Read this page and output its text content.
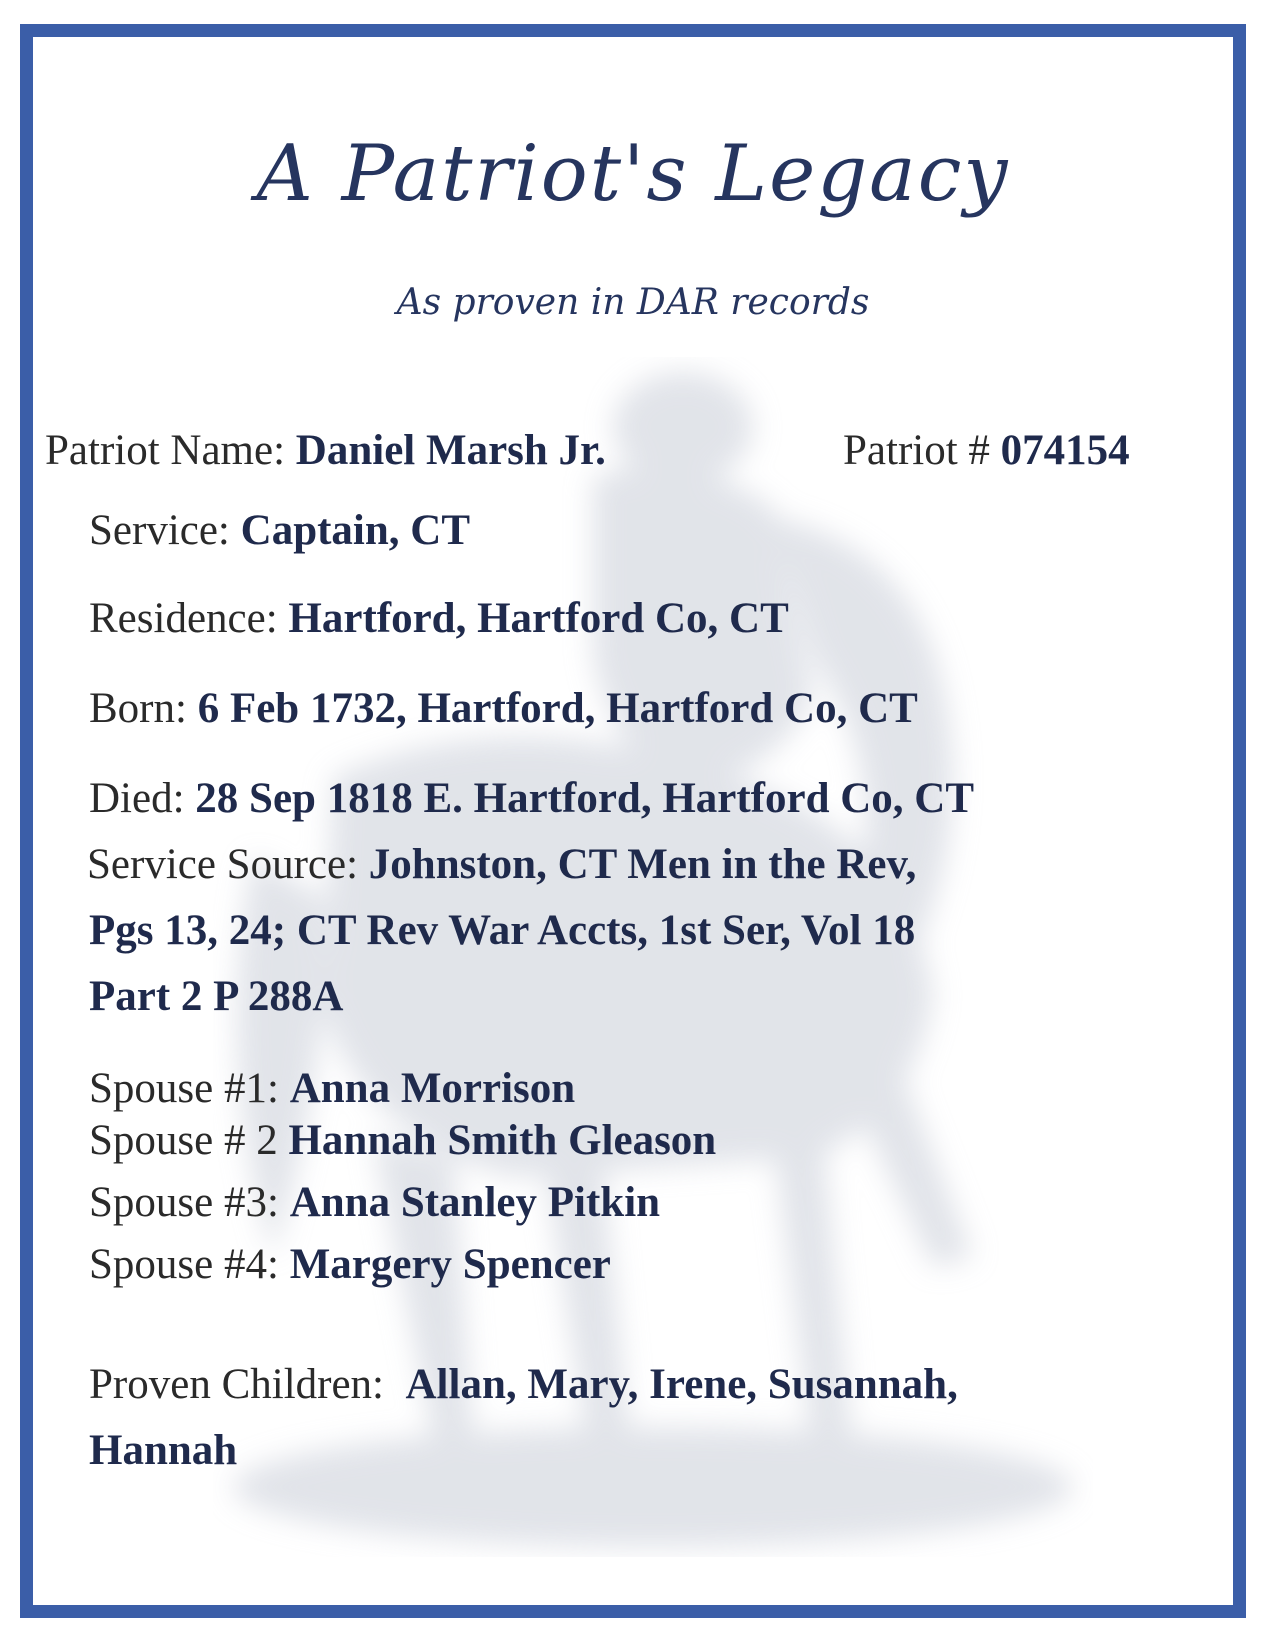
A Patriot's Legacy
As proven in DAR records
Patriot Name: Daniel Marsh Jr.	Patriot # 074154
Service: Captain, CT
Residence: Hartford, Hartford Co, CT
Born: 6 Feb 1732, Hartford, Hartford Co, CT
Died: 28 Sep 1818 E. Hartford, Hartford Co, CT
Service Source: Johnston, CT Men in the Rev,
Pgs 13, 24; CT Rev War Accts, 1st Ser, Vol 18
Part 2 P 288A
Spouse #1: Anna Morrison
Spouse # 2 Hannah Smith Gleason
Spouse #3: Anna Stanley Pitkin
Spouse #4: Margery Spencer
Proven Children: Allan, Mary, Irene, Susannah,
Hannah
